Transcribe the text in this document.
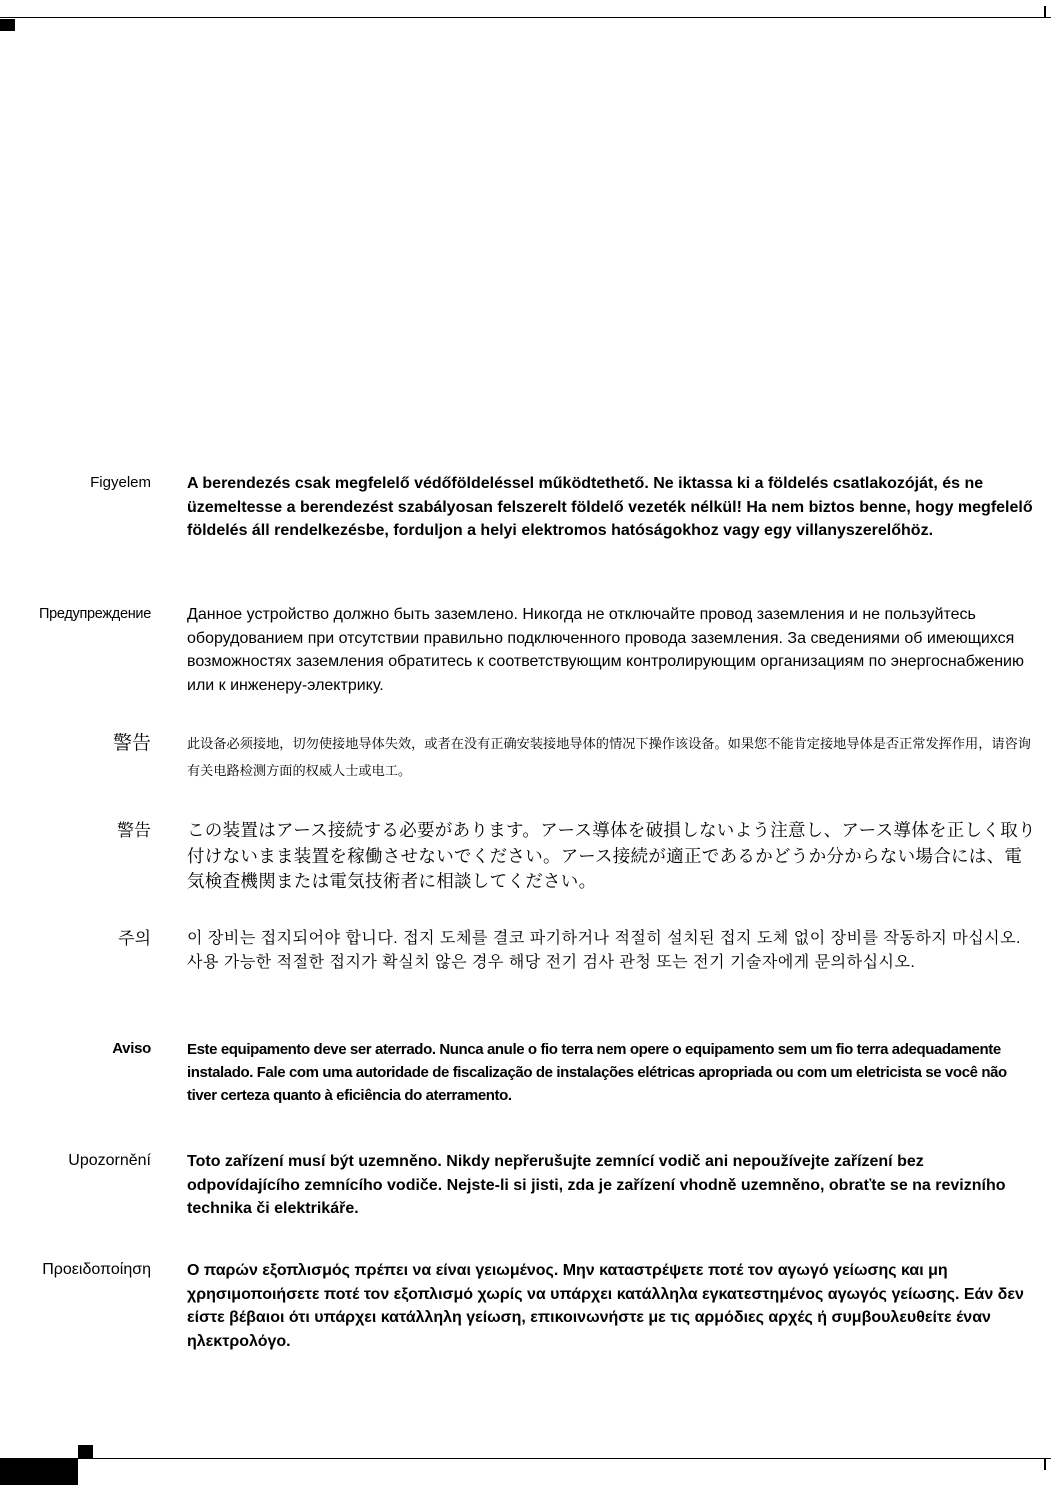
Figyelem A berendezés csak megfelelő védőföldeléssel működtethető. Ne iktassa ki a földelés csatlakozóját, és ne üzemeltesse a berendezést szabályosan felszerelt földelő vezeték nélkül! Ha nem biztos benne, hogy megfelelő földelés áll rendelkezésbe, forduljon a helyi elektromos hatóságokhoz vagy egy villanyszerelőhöz.
Предупреждение Данное устройство должно быть заземлено. Никогда не отключайте провод заземления и не пользуйтесь оборудованием при отсутствии правильно подключенного провода заземления. За сведениями об имеющихся возможностях заземления обратитесь к соответствующим контролирующим организациям по энергоснабжению или к инженеру-электрику.
警告	此设备必须接地，切勿使接地导体失效，或者在没有正确安装接地导体的情况下操作该设备。如果您不能肯定接地导体是否正常发挥作用，请咨询有关电路检测方面的权威人士或电工。
警告 この装置はアース接続する必要があります。アース導体を破損しないよう注意し、アース導体を正しく取り付けないまま装置を稼働させないでください。アース接続が適正であるかどうか分からない場合には、電気検査機関または電気技術者に相談してください。
주의 이 장비는 접지되어야 합니다. 접지 도체를 결코 파기하거나 적절히 설치된 접지 도체 없이 장비를 작동하지 마십시오. 사용 가능한 적절한 접지가 확실치 않은 경우 해당 전기 검사 관청 또는 전기 기술자에게 문의하십시오.
Aviso Este equipamento deve ser aterrado. Nunca anule o fio terra nem opere o equipamento sem um fio terra adequadamente instalado. Fale com uma autoridade de fiscalização de instalações elétricas apropriada ou com um eletricista se você não tiver certeza quanto à eficiência do aterramento.
Upozornění Toto zařízení musí být uzemněno. Nikdy nepřerušujte zemnící vodič ani nepoužívejte zařízení bez odpovídajícího zemnícího vodiče. Nejste-li si jisti, zda je zařízení vhodně uzemněno, obraťte se na revizního technika či elektrikáře.
Προειδοποίηση Ο παρών εξοπλισμός πρέπει να είναι γειωμένος. Μην καταστρέψετε ποτέ τον αγωγό γείωσης και μη χρησιμοποιήσετε ποτέ τον εξοπλισμό χωρίς να υπάρχει κατάλληλα εγκατεστημένος αγωγός γείωσης. Εάν δεν είστε βέβαιοι ότι υπάρχει κατάλληλη γείωση, επικοινωνήστε με τις αρμόδιες αρχές ή συμβουλευθείτε έναν ηλεκτρολόγο.
